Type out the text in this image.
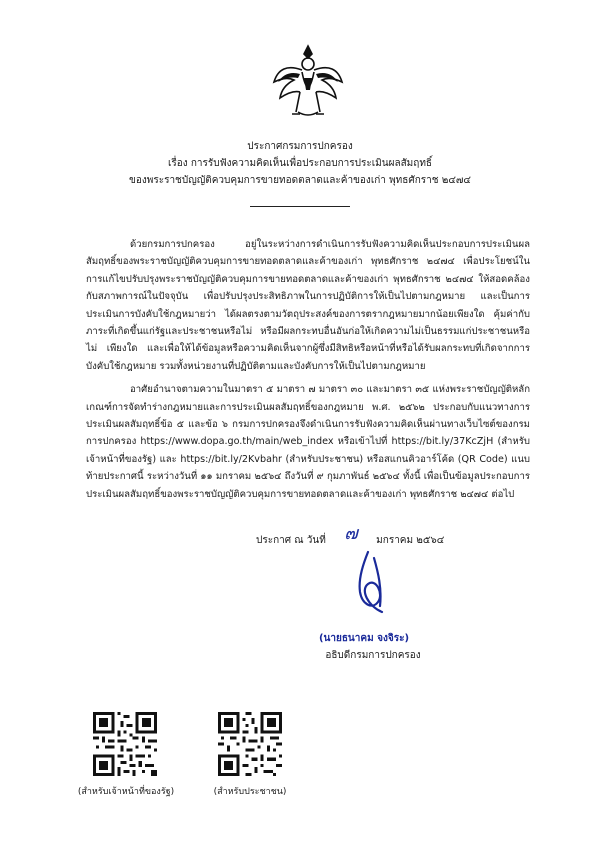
ประกาศกรมการปกครอง
เรื่อง การรับฟังความคิดเห็นเพื่อประกอบการประเมินผลสัมฤทธิ์
ของพระราชบัญญัติควบคุมการขายทอดตลาดและค้าของเก่า พุทธศักราช ๒๔๗๔

ด้วยกรมการปกครอง อยู่ในระหว่างการดำเนินการรับฟังความคิดเห็นประกอบการประเมินผลสัมฤทธิ์ของพระราชบัญญัติควบคุมการขายทอดตลาดและค้าของเก่า พุทธศักราช ๒๔๗๔ เพื่อประโยชน์ในการแก้ไขปรับปรุงพระราชบัญญัติควบคุมการขายทอดตลาดและค้าของเก่า พุทธศักราช ๒๔๗๔ ให้สอดคล้องกับสภาพการณ์ในปัจจุบัน เพื่อปรับปรุงประสิทธิภาพในการปฏิบัติการให้เป็นไปตามกฎหมาย และเป็นการประเมินการบังคับใช้กฎหมายว่า ได้ผลตรงตามวัตถุประสงค์ของการตรากฎหมายมากน้อยเพียงใด คุ้มค่ากับภาระที่เกิดขึ้นแก่รัฐและประชาชนหรือไม่ หรือมีผลกระทบอื่นอันก่อให้เกิดความไม่เป็นธรรมแก่ประชาชนหรือไม่ เพียงใด และเพื่อให้ได้ข้อมูลหรือความคิดเห็นจากผู้ซึ่งมีสิทธิหรือหน้าที่หรือได้รับผลกระทบที่เกิดจากการบังคับใช้กฎหมาย รวมทั้งหน่วยงานที่ปฏิบัติตามและบังคับการให้เป็นไปตามกฎหมาย

อาศัยอำนาจตามความในมาตรา ๕ มาตรา ๗ มาตรา ๓๐ และมาตรา ๓๕ แห่งพระราชบัญญัติหลักเกณฑ์การจัดทำร่างกฎหมายและการประเมินผลสัมฤทธิ์ของกฎหมาย พ.ศ. ๒๕๖๒ ประกอบกับแนวทางการประเมินผลสัมฤทธิ์ข้อ ๕ และข้อ ๖ กรมการปกครองจึงดำเนินการรับฟังความคิดเห็นผ่านทางเว็บไซต์ของกรมการปกครอง https://www.dopa.go.th/main/web_index หรือเข้าไปที่ https://bit.ly/37KcZjH (สำหรับเจ้าหน้าที่ของรัฐ) และ https://bit.ly/2Kvbahr (สำหรับประชาชน) หรือสแกนคิวอาร์โค้ด (QR Code) แนบท้ายประกาศนี้ ระหว่างวันที่ ๑๑ มกราคม ๒๕๖๔ ถึงวันที่ ๙ กุมภาพันธ์ ๒๕๖๔ ทั้งนี้ เพื่อเป็นข้อมูลประกอบการประเมินผลสัมฤทธิ์ของพระราชบัญญัติควบคุมการขายทอดตลาดและค้าของเก่า พุทธศักราช ๒๔๗๔ ต่อไป

ประกาศ ณ วันที่ ๗ มกราคม ๒๕๖๔
(นายธนาคม จงจิระ)
อธิบดีกรมการปกครอง
(สำหรับเจ้าหน้าที่ของรัฐ)	(สำหรับประชาชน)
